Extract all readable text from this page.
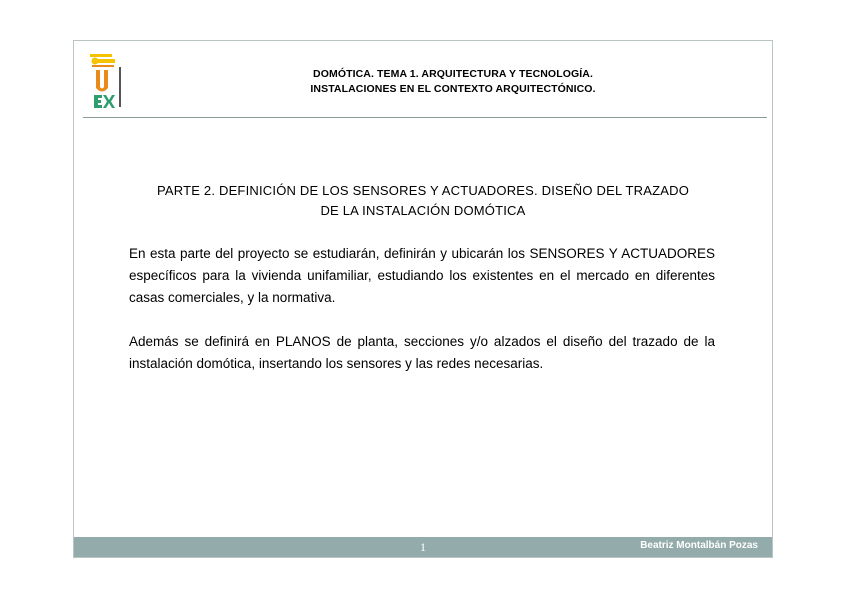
DOMÓTICA. TEMA 1. ARQUITECTURA Y TECNOLOGÍA.
INSTALACIONES EN EL CONTEXTO ARQUITECTÓNICO.
PARTE 2. DEFINICIÓN DE LOS SENSORES Y ACTUADORES. DISEÑO DEL TRAZADO
DE LA INSTALACIÓN DOMÓTICA

En esta parte del proyecto se estudiarán, definirán y ubicarán los SENSORES Y ACTUADORES específicos para la vivienda unifamiliar, estudiando los existentes en el mercado en diferentes casas comerciales, y la normativa.

Además se definirá en PLANOS de planta, secciones y/o alzados el diseño del trazado de la instalación domótica, insertando los sensores y las redes necesarias.

1	Beatriz Montalbán Pozas
